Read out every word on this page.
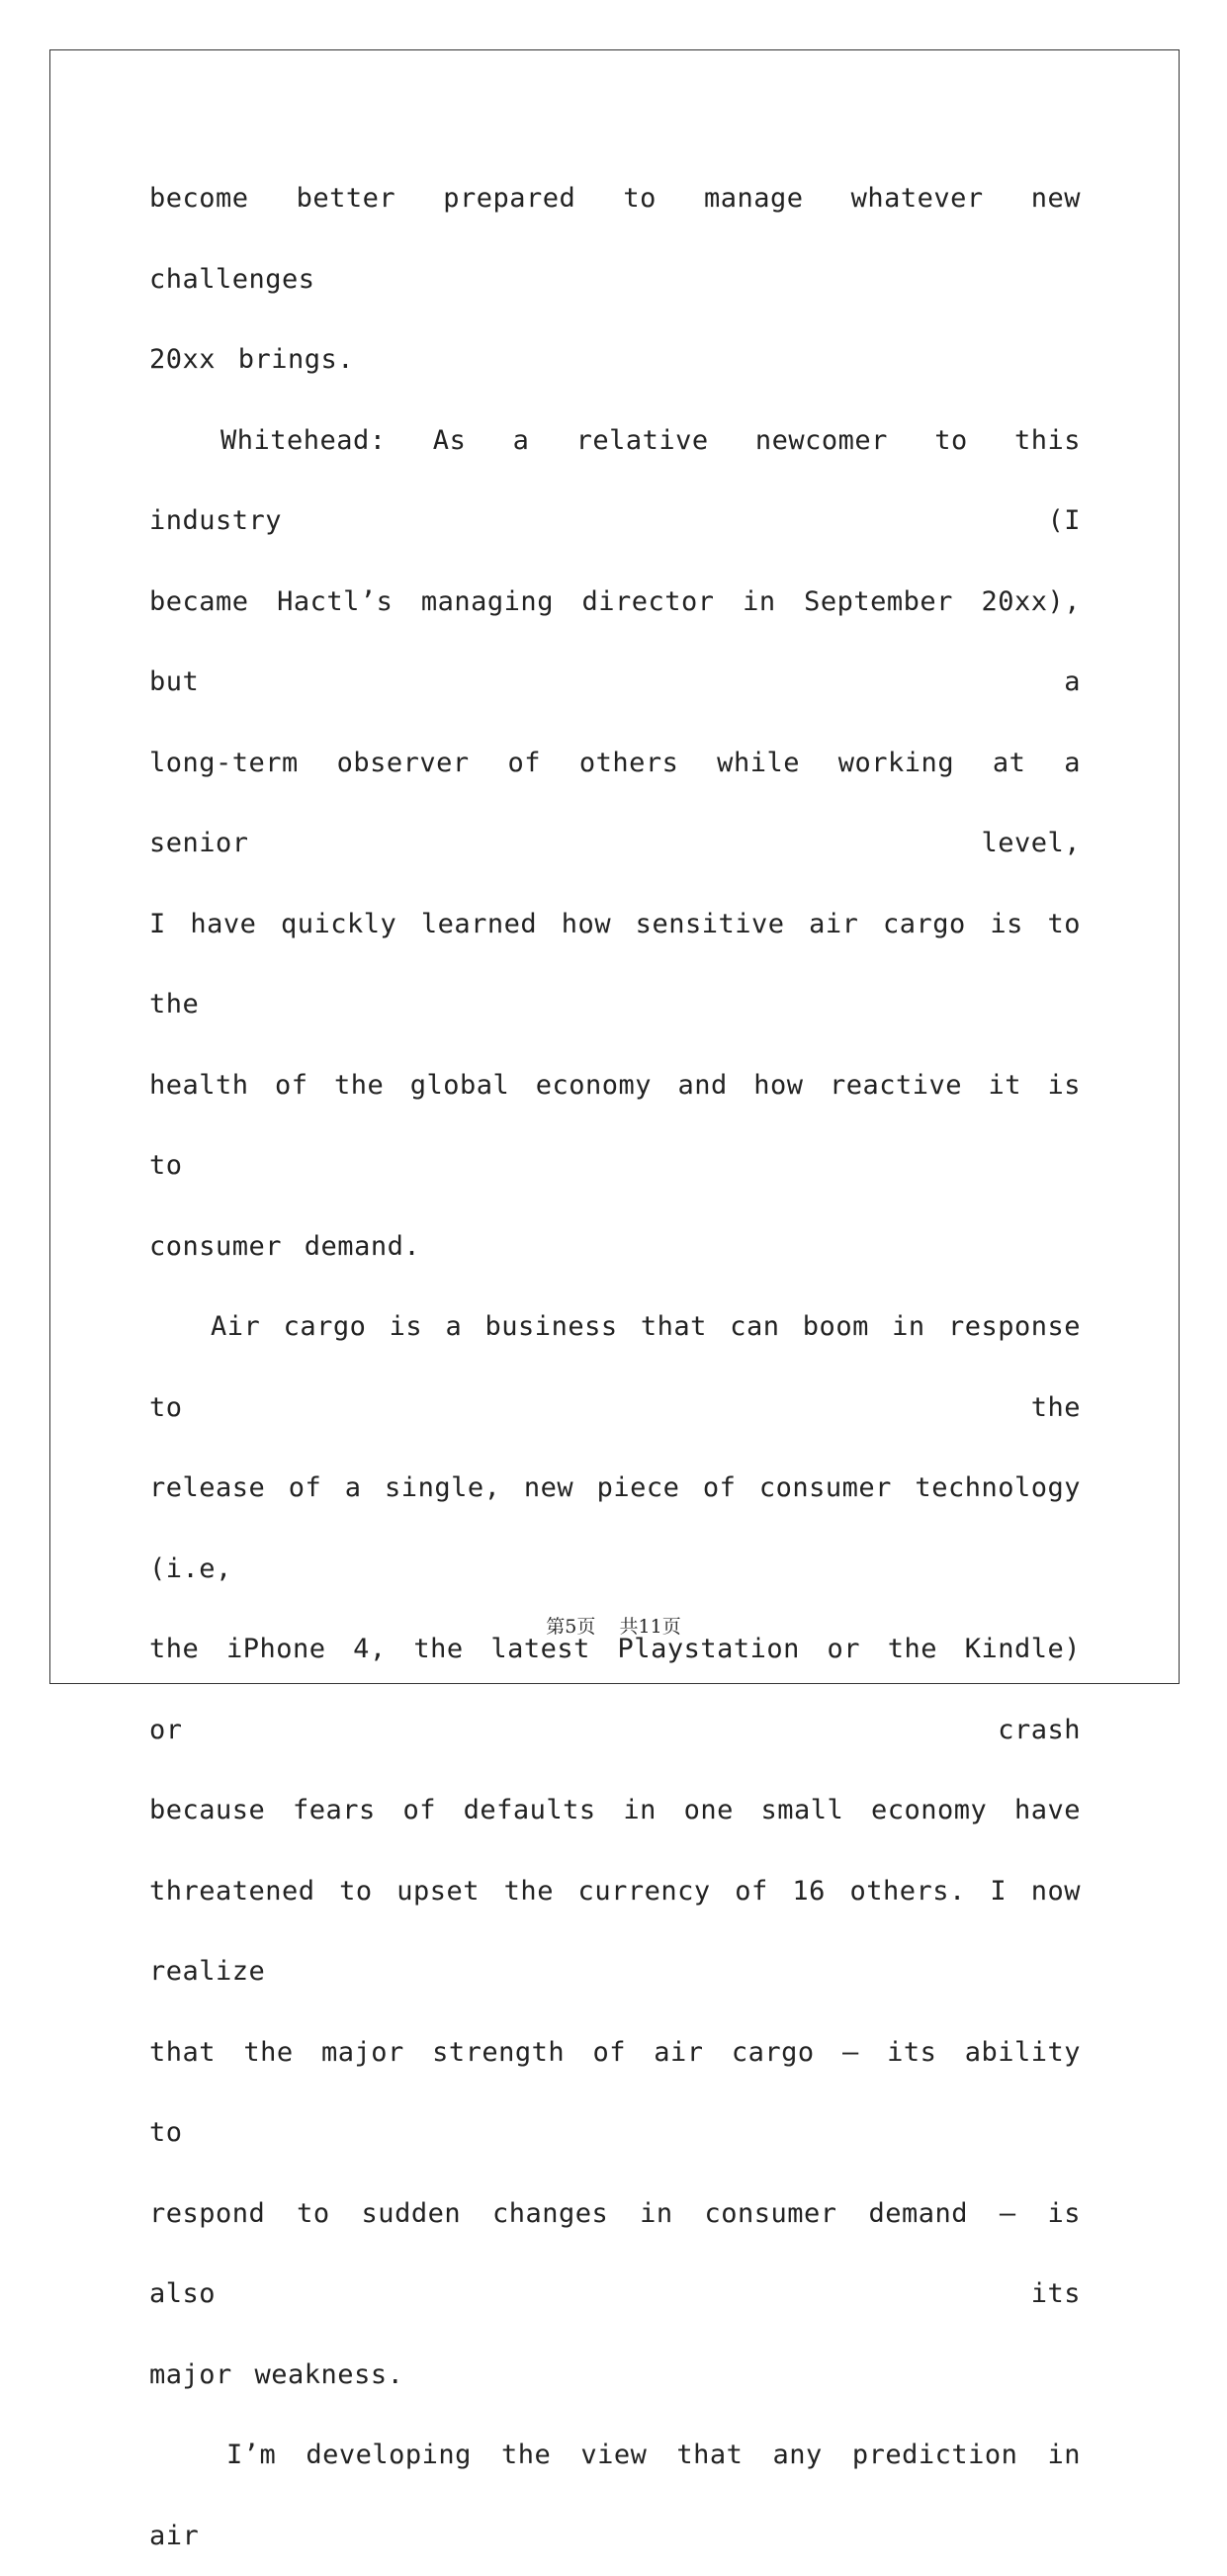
become better prepared to manage whatever new challenges
20xx brings.

Whitehead: As a relative newcomer to this industry (I
became Hactl’s managing director in September 20xx), but a
long-term observer of others while working at a senior level,
I have quickly learned how sensitive air cargo is to the
health of the global economy and how reactive it is to
consumer demand.

Air cargo is a business that can boom in response to the
release of a single, new piece of consumer technology (i.e,
the iPhone 4, the latest Playstation or the Kindle) or crash
because fears of defaults in one small economy have
threatened to upset the currency of 16 others. I now realize
that the major strength of air cargo — its ability to
respond to sudden changes in consumer demand — is also its
major weakness.

I’m developing the view that any prediction in air

第5页 共11页
